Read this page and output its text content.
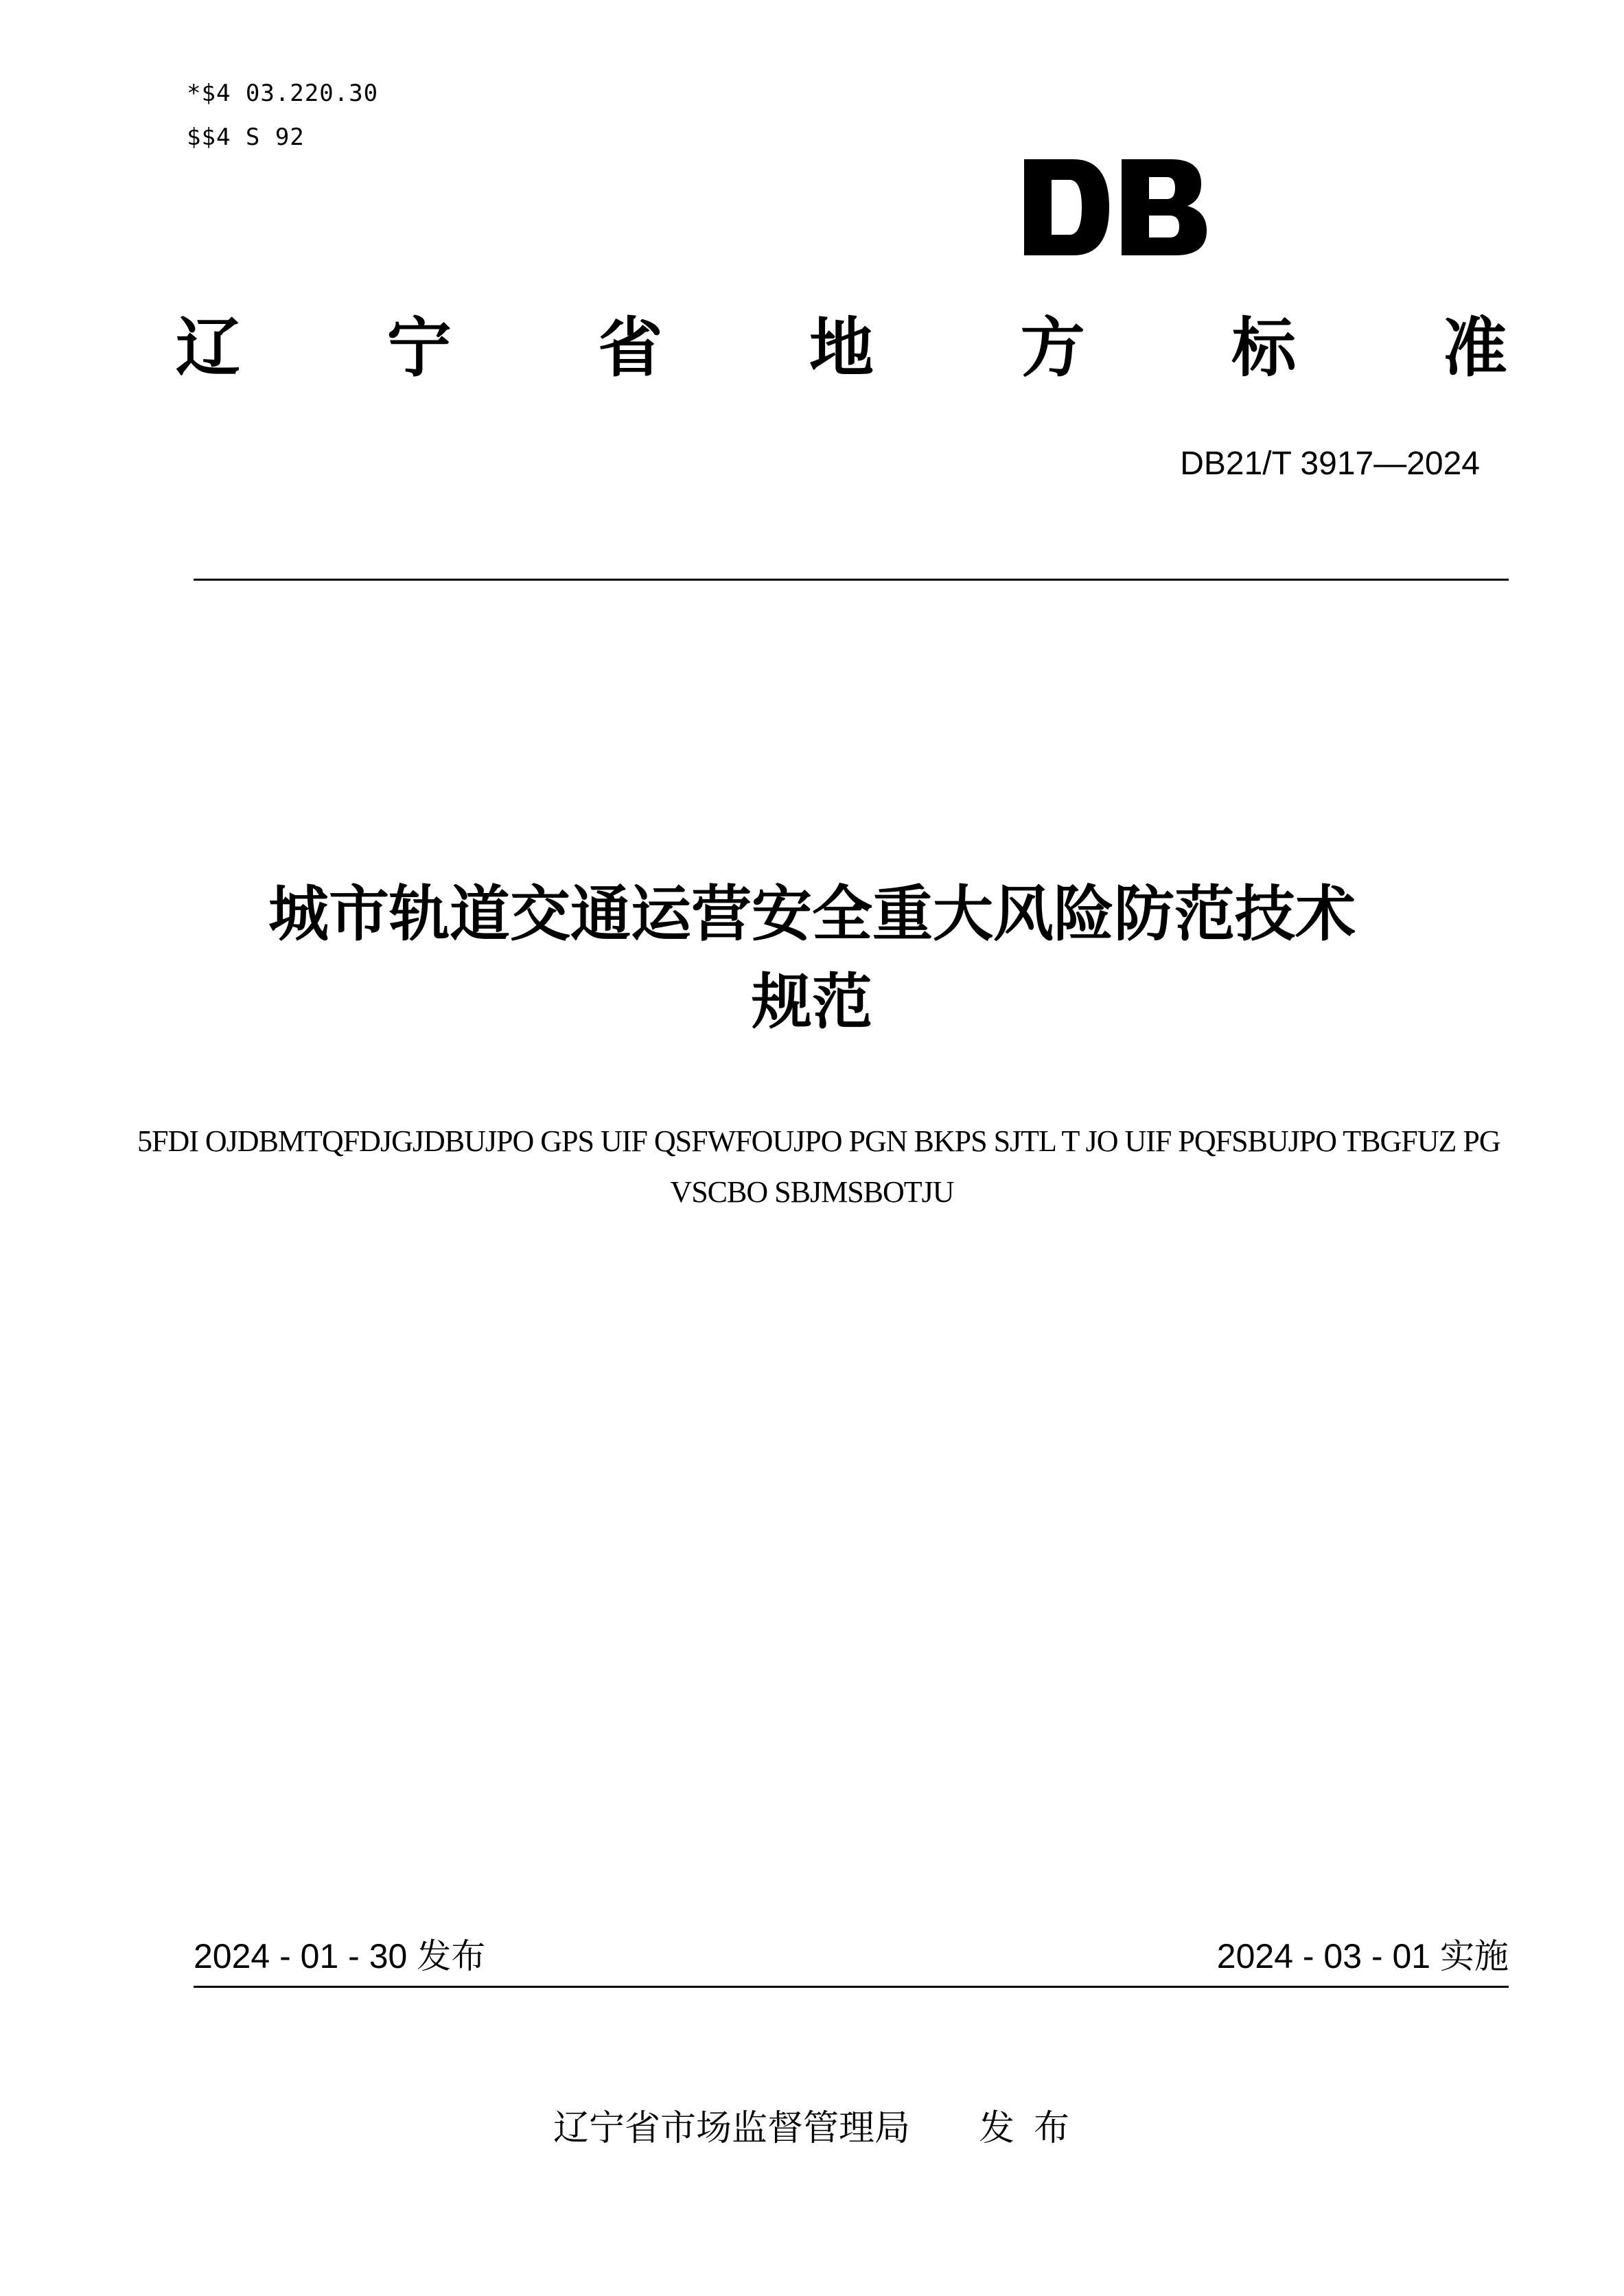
*$4 03.220.30
$$4 S 92
辽 宁 省 地 方 标 准
DB21/T 3917—2024
城市轨道交通运营安全重大风险防范技术
规范
5FDI OJDBMTQFDJGJDBUJPO GPS UIF QSFWFOUJPO PGN BKPS SJTL T JO UIF PQFSBUJPO TBGFUZ PG
VSCBO SBJMSBOTJU
2024 - 01 - 30 发布	2024 - 03 - 01 实施
辽宁省市场监督管理局 发布
